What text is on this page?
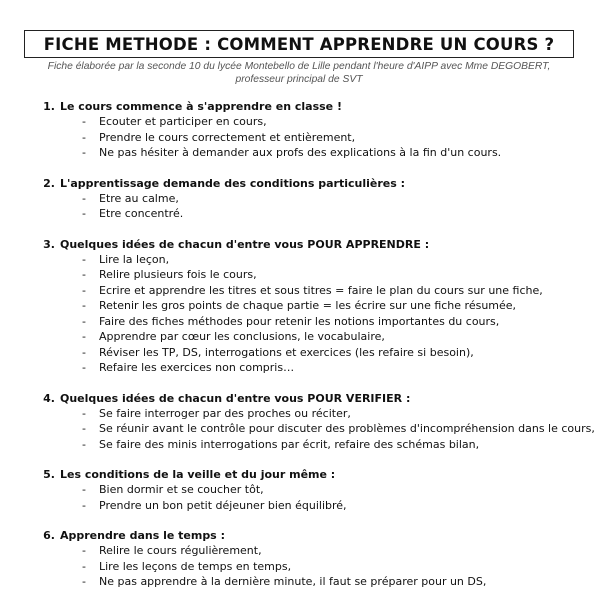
FICHE METHODE : COMMENT APPRENDRE UN COURS ?
Fiche élaborée par la seconde 10 du lycée Montebello de Lille pendant l'heure d'AIPP avec Mme DEGOBERT,
professeur principal de SVT
1. Le cours commence à s'apprendre en classe !
-	Ecouter et participer en cours,
-	Prendre le cours correctement et entièrement,
-	Ne pas hésiter à demander aux profs des explications à la fin d'un cours.
2. L'apprentissage demande des conditions particulières :
-	Etre au calme,
-	Etre concentré.
3. Quelques idées de chacun d'entre vous POUR APPRENDRE :
-	Lire la leçon,
-	Relire plusieurs fois le cours,
-	Ecrire et apprendre les titres et sous titres = faire le plan du cours sur une fiche,
-	Retenir les gros points de chaque partie = les écrire sur une fiche résumée,
-	Faire des fiches méthodes pour retenir les notions importantes du cours,
-	Apprendre par cœur les conclusions, le vocabulaire,
-	Réviser les TP, DS, interrogations et exercices (les refaire si besoin),
-	Refaire les exercices non compris…
4. Quelques idées de chacun d'entre vous POUR VERIFIER :
-	Se faire interroger par des proches ou réciter,
-	Se réunir avant le contrôle pour discuter des problèmes d'incompréhension dans le cours,
-	Se faire des minis interrogations par écrit, refaire des schémas bilan,
5. Les conditions de la veille et du jour même :
-	Bien dormir et se coucher tôt,
-	Prendre un bon petit déjeuner bien équilibré,
6. Apprendre dans le temps :
-	Relire le cours régulièrement,
-	Lire les leçons de temps en temps,
-	Ne pas apprendre à la dernière minute, il faut se préparer pour un DS,
